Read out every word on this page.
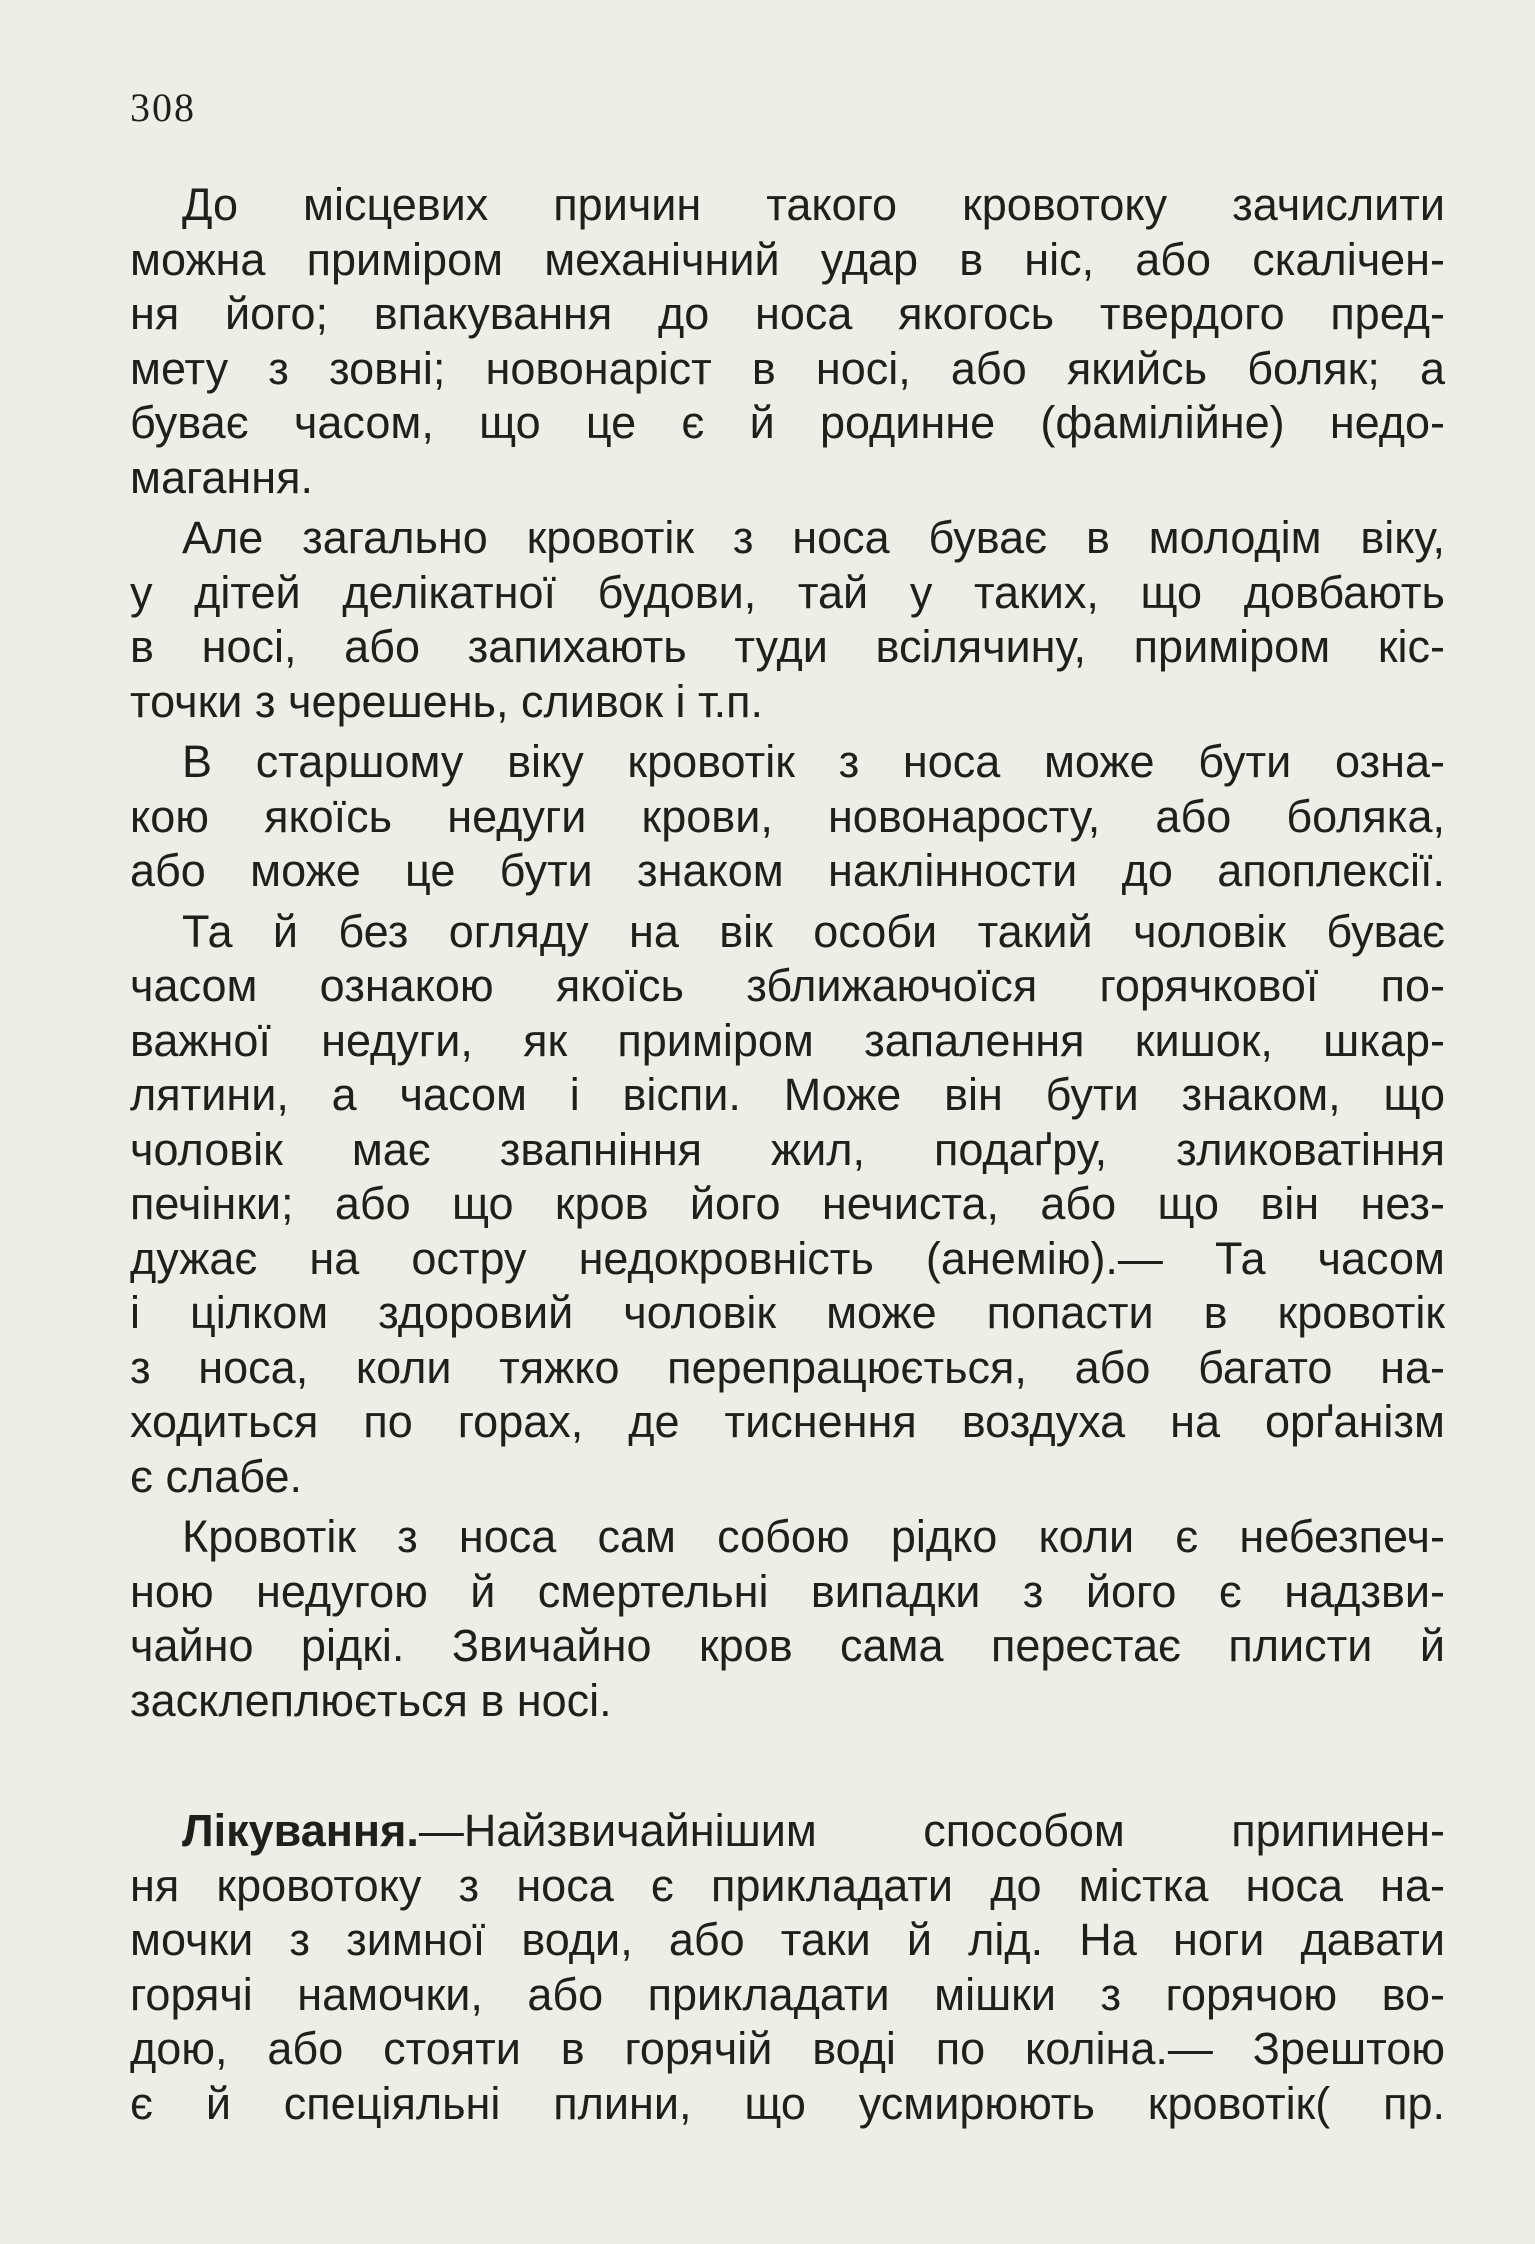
308
До місцевих причин такого кровотоку зачислити
можна приміром механічний удар в ніс, або скалічен-
ня його; впакування до носа якогось твердого пред-
мету з зовні; новонаріст в носі, або якийсь боляк; а
буває часом, що це є й родинне (фамілійне) недо-
магання.
Але загально кровотік з носа буває в молодім віку,
у дітей делікатної будови, тай у таких, що довбають
в носі, або запихають туди всілячину, приміром кіс-
точки з черешень, сливок і т.п.
В старшому віку кровотік з носа може бути озна-
кою якоїсь недуги крови, новонаросту, або боляка,
або може це бути знаком наклінности до апоплексії.
Та й без огляду на вік особи такий чоловік буває
часом ознакою якоїсь зближаючоїся горячкової по-
важної недуги, як приміром запалення кишок, шкар-
лятини, а часом і віспи. Може він бути знаком, що
чоловік має звапніння жил, подаґру, зликоватіння
печінки; або що кров його нечиста, або що він нез-
дужає на остру недокровність (анемію).— Та часом
і цілком здоровий чоловік може попасти в кровотік
з носа, коли тяжко перепрацюється, або багато на-
ходиться по горах, де тиснення воздуха на орґанізм
є слабе.
Кровотік з носа сам собою рідко коли є небезпеч-
ною недугою й смертельні випадки з його є надзви-
чайно рідкі. Звичайно кров сама перестає плисти й
засклеплюється в носі.
Лікування.—Найзвичайнішим способом припинен-
ня кровотоку з носа є прикладати до містка носа на-
мочки з зимної води, або таки й лід. На ноги давати
горячі намочки, або прикладати мішки з горячою во-
дою, або стояти в горячій воді по коліна.— Зрештою
є й спеціяльні плини, що усмирюють кровотік( пр.
